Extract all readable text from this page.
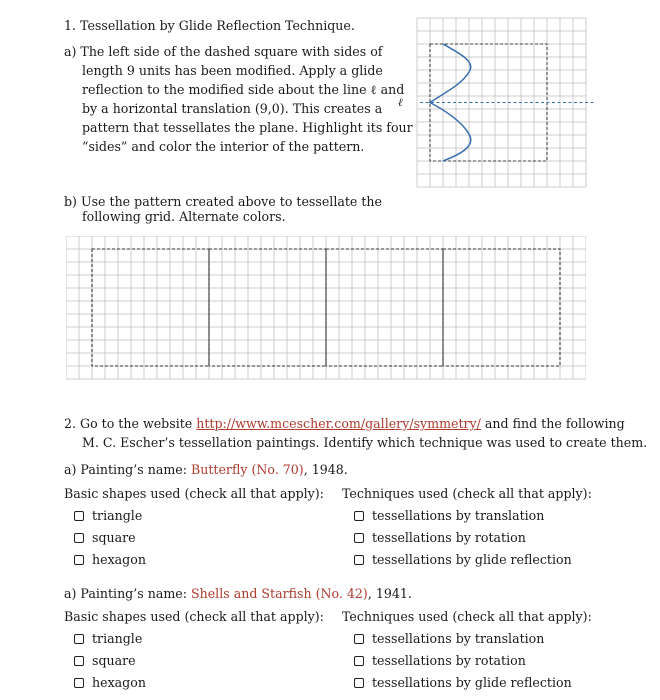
1. Tessellation by Glide Reflection Technique.
a) The left side of the dashed square with sides of

length 9 units has been modified. Apply a glide
reflection to the modified side about the line ℓ and
by a horizontal translation (9,0). This creates a
pattern that tessellates the plane. Highlight its four
“sides” and color the interior of the pattern.
ℓ
b) Use the pattern created above to tessellate the

following grid. Alternate colors.
2. Go to the website http://www.mcescher.com/gallery/symmetry/ and find the following

M. C. Escher’s tessellation paintings. Identify which technique was used to create them.
a) Painting’s name: Butterfly (No. 70), 1948.
Basic shapes used (check all that apply): Techniques used (check all that apply):
triangle
square
hexagon
tessellations by translation
tessellations by rotation
tessellations by glide reflection
a) Painting’s name: Shells and Starfish (No. 42), 1941.
Basic shapes used (check all that apply): Techniques used (check all that apply):
triangle
square
hexagon
tessellations by translation
tessellations by rotation
tessellations by glide reflection
